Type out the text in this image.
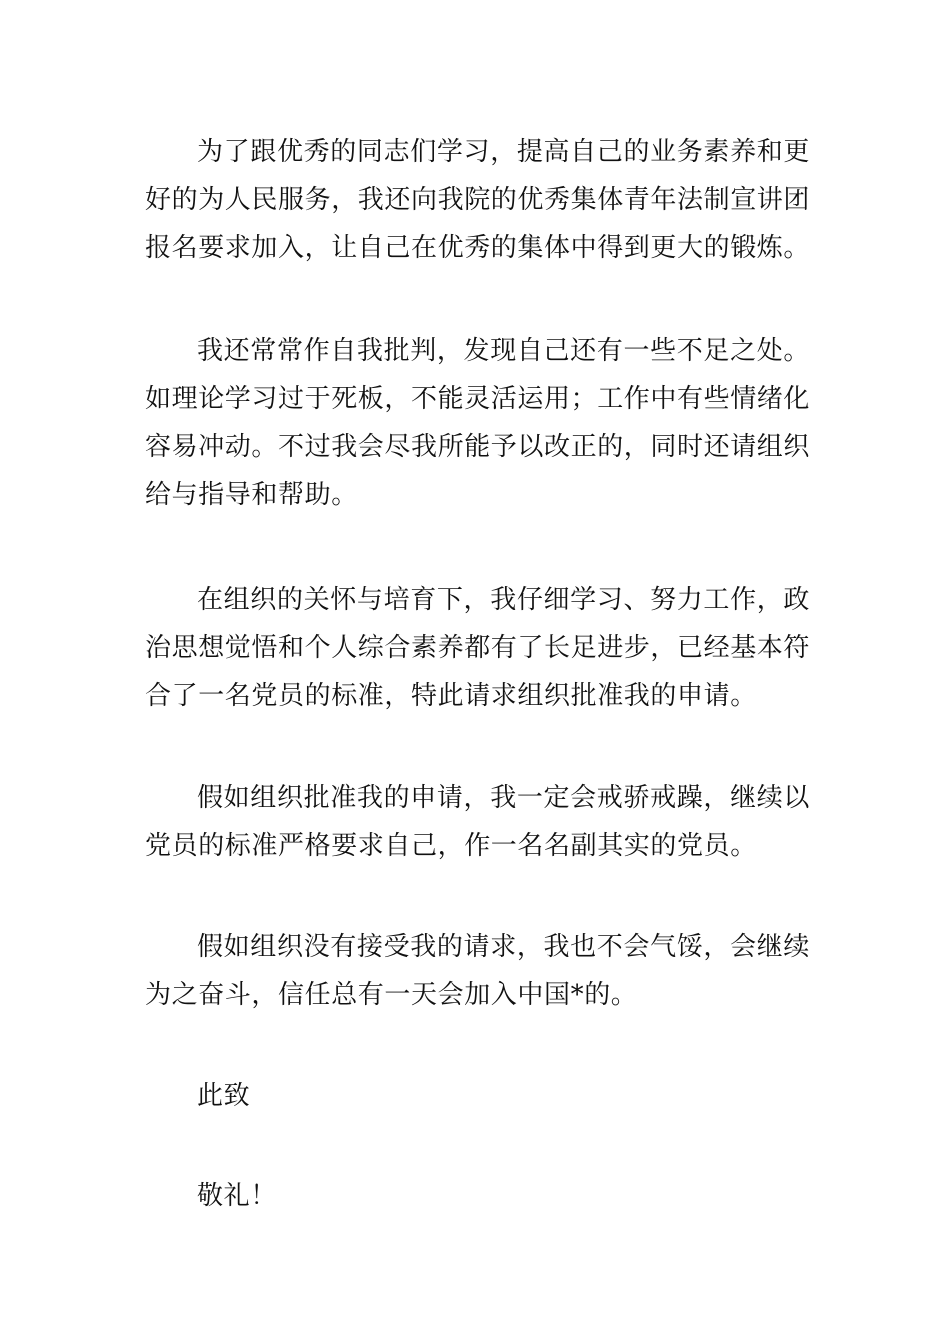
为了跟优秀的同志们学习，提高自己的业务素养和更好的为人民服务，我还向我院的优秀集体青年法制宣讲团报名要求加入，让自己在优秀的集体中得到更大的锻炼。

我还常常作自我批判，发现自己还有一些不足之处。如理论学习过于死板，不能灵活运用；工作中有些情绪化容易冲动。不过我会尽我所能予以改正的，同时还请组织给与指导和帮助。

在组织的关怀与培育下，我仔细学习、努力工作，政治思想觉悟和个人综合素养都有了长足进步，已经基本符合了一名党员的标准，特此请求组织批准我的申请。

假如组织批准我的申请，我一定会戒骄戒躁，继续以党员的标准严格要求自己，作一名名副其实的党员。

假如组织没有接受我的请求，我也不会气馁，会继续为之奋斗，信任总有一天会加入中国*的。

此致

敬礼！
